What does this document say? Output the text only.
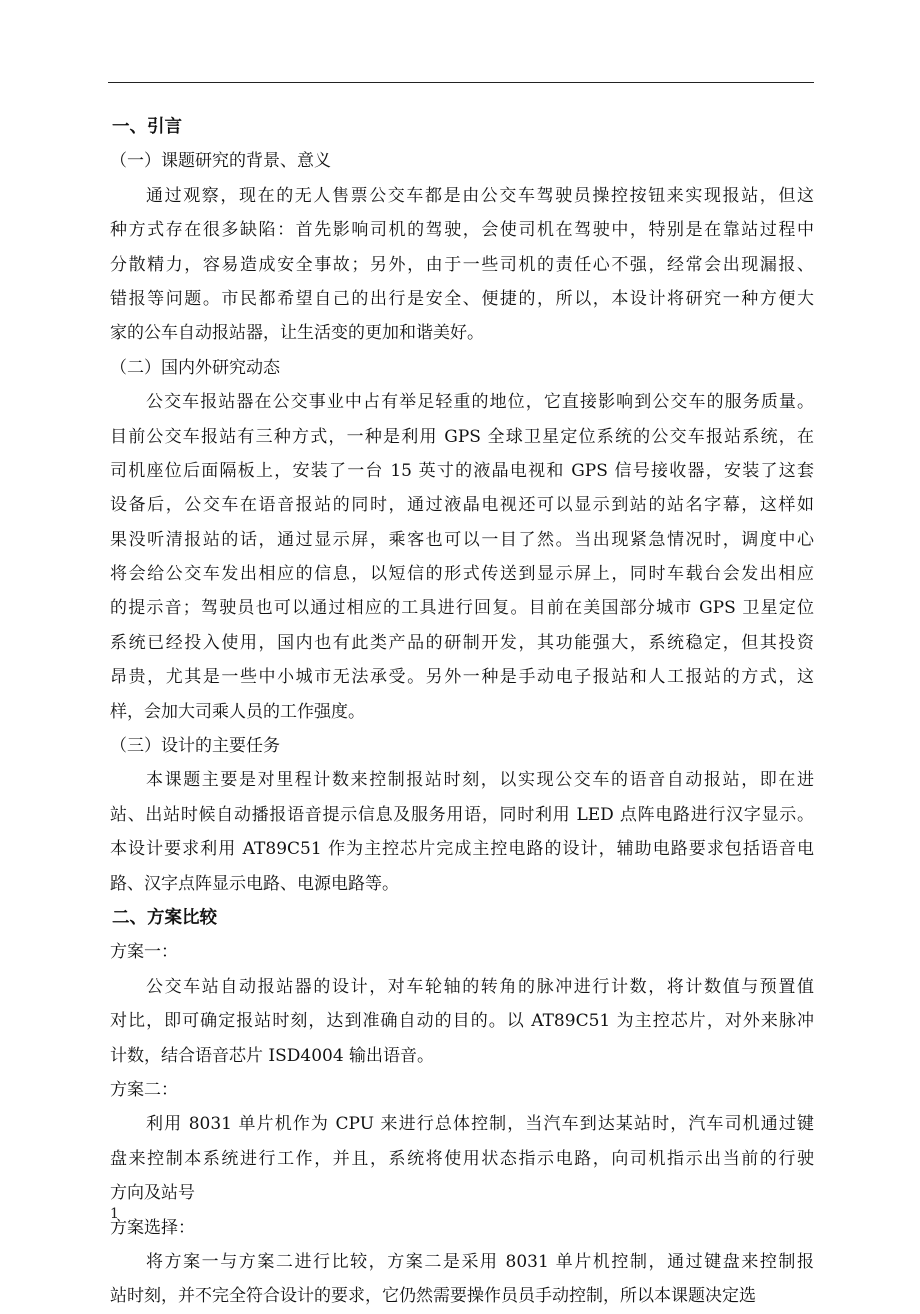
一、引言
（一）课题研究的背景、意义
通过观察，现在的无人售票公交车都是由公交车驾驶员操控按钮来实现报站，但这
种方式存在很多缺陷：首先影响司机的驾驶，会使司机在驾驶中，特别是在靠站过程中
分散精力，容易造成安全事故；另外，由于一些司机的责任心不强，经常会出现漏报、
错报等问题。市民都希望自己的出行是安全、便捷的，所以，本设计将研究一种方便大
家的公车自动报站器，让生活变的更加和谐美好。
（二）国内外研究动态
公交车报站器在公交事业中占有举足轻重的地位，它直接影响到公交车的服务质量。
目前公交车报站有三种方式，一种是利用 GPS 全球卫星定位系统的公交车报站系统，在
司机座位后面隔板上，安装了一台 15 英寸的液晶电视和 GPS 信号接收器，安装了这套
设备后，公交车在语音报站的同时，通过液晶电视还可以显示到站的站名字幕，这样如
果没听清报站的话，通过显示屏，乘客也可以一目了然。当出现紧急情况时，调度中心
将会给公交车发出相应的信息，以短信的形式传送到显示屏上，同时车载台会发出相应
的提示音；驾驶员也可以通过相应的工具进行回复。目前在美国部分城市 GPS 卫星定位
系统已经投入使用，国内也有此类产品的研制开发，其功能强大，系统稳定，但其投资
昂贵，尤其是一些中小城市无法承受。另外一种是手动电子报站和人工报站的方式，这
样，会加大司乘人员的工作强度。
（三）设计的主要任务
本课题主要是对里程计数来控制报站时刻，以实现公交车的语音自动报站，即在进
站、出站时候自动播报语音提示信息及服务用语，同时利用 LED 点阵电路进行汉字显示。
本设计要求利用 AT89C51 作为主控芯片完成主控电路的设计，辅助电路要求包括语音电
路、汉字点阵显示电路、电源电路等。
二、方案比较
方案一：
公交车站自动报站器的设计，对车轮轴的转角的脉冲进行计数，将计数值与预置值
对比，即可确定报站时刻，达到准确自动的目的。以 AT89C51 为主控芯片，对外来脉冲
计数，结合语音芯片 ISD4004 输出语音。
方案二：
利用 8031 单片机作为 CPU 来进行总体控制，当汽车到达某站时，汽车司机通过键
盘来控制本系统进行工作，并且，系统将使用状态指示电路，向司机指示出当前的行驶
方向及站号
方案选择：
将方案一与方案二进行比较，方案二是采用 8031 单片机控制，通过键盘来控制报
站时刻，并不完全符合设计的要求，它仍然需要操作员员手动控制，所以本课题决定选
1
